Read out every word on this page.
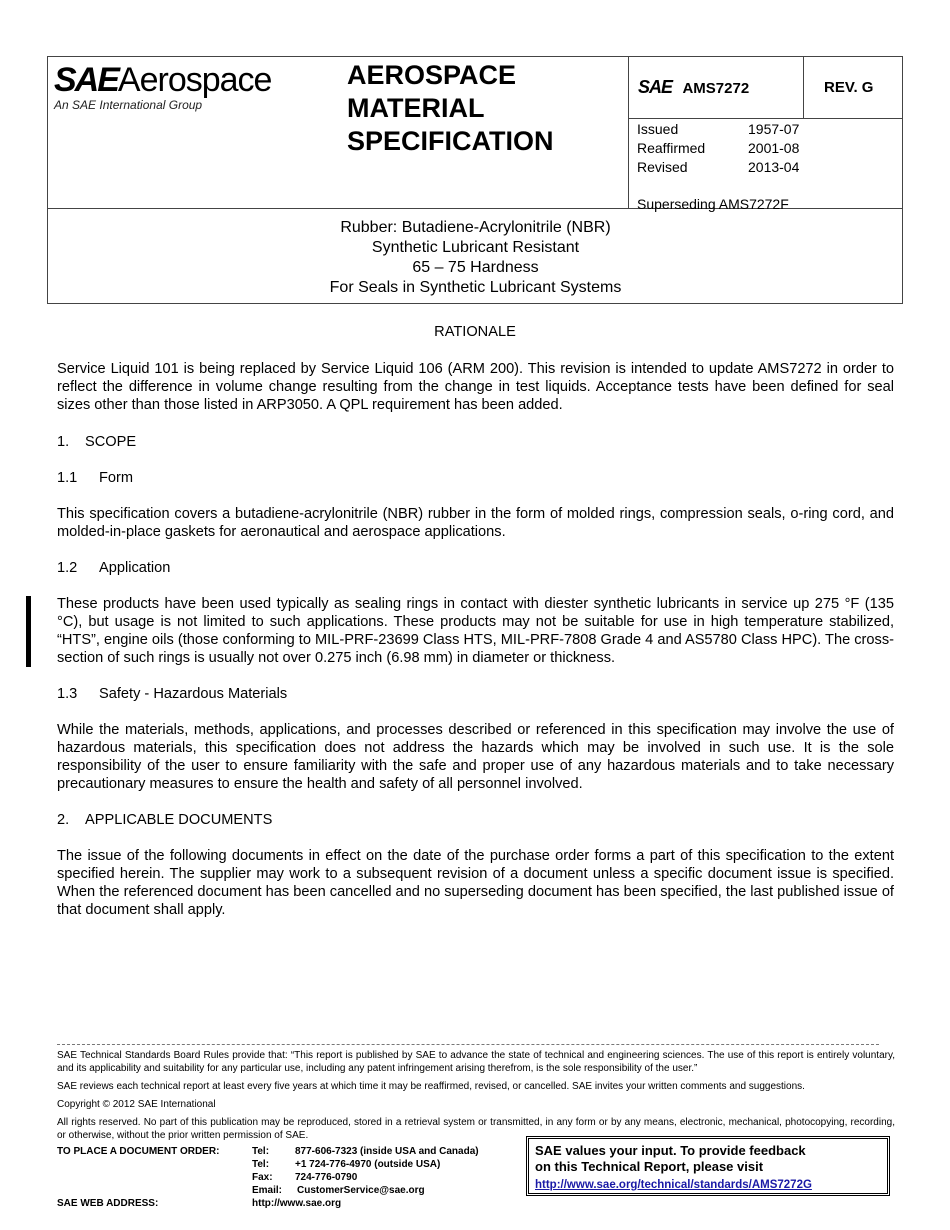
SAEAerospace
An SAE International Group
AEROSPACE
MATERIAL
SPECIFICATION
SAE AMS7272	REV. G
Issued	1957-07
Reaffirmed	2001-08
Revised	2013-04
Superseding AMS7272F
Rubber: Butadiene-Acrylonitrile (NBR)
Synthetic Lubricant Resistant
65 – 75 Hardness
For Seals in Synthetic Lubricant Systems
RATIONALE
Service Liquid 101 is being replaced by Service Liquid 106 (ARM 200). This revision is intended to update AMS7272 in order to reflect the difference in volume change resulting from the change in test liquids. Acceptance tests have been defined for seal sizes other than those listed in ARP3050. A QPL requirement has been added.
1. SCOPE
1.1 Form
This specification covers a butadiene-acrylonitrile (NBR) rubber in the form of molded rings, compression seals, o-ring cord, and molded-in-place gaskets for aeronautical and aerospace applications.
1.2 Application
These products have been used typically as sealing rings in contact with diester synthetic lubricants in service up 275 °F (135 °C), but usage is not limited to such applications. These products may not be suitable for use in high temperature stabilized, “HTS”, engine oils (those conforming to MIL-PRF-23699 Class HTS, MIL-PRF-7808 Grade 4 and AS5780 Class HPC). The cross-section of such rings is usually not over 0.275 inch (6.98 mm) in diameter or thickness.
1.3 Safety - Hazardous Materials
While the materials, methods, applications, and processes described or referenced in this specification may involve the use of hazardous materials, this specification does not address the hazards which may be involved in such use. It is the sole responsibility of the user to ensure familiarity with the safe and proper use of any hazardous materials and to take necessary precautionary measures to ensure the health and safety of all personnel involved.
2. APPLICABLE DOCUMENTS
The issue of the following documents in effect on the date of the purchase order forms a part of this specification to the extent specified herein. The supplier may work to a subsequent revision of a document unless a specific document issue is specified. When the referenced document has been cancelled and no superseding document has been specified, the last published issue of that document shall apply.
SAE Technical Standards Board Rules provide that: “This report is published by SAE to advance the state of technical and engineering sciences. The use of this report is entirely voluntary, and its applicability and suitability for any particular use, including any patent infringement arising therefrom, is the sole responsibility of the user.”
SAE reviews each technical report at least every five years at which time it may be reaffirmed, revised, or cancelled. SAE invites your written comments and suggestions.
Copyright © 2012 SAE International
All rights reserved. No part of this publication may be reproduced, stored in a retrieval system or transmitted, in any form or by any means, electronic, mechanical, photocopying, recording, or otherwise, without the prior written permission of SAE.
TO PLACE A DOCUMENT ORDER:	Tel:	877-606-7323 (inside USA and Canada)
Tel:	+1 724-776-4970 (outside USA)
Fax: 724-776-0790
Email: CustomerService@sae.org
SAE WEB ADDRESS:	http://www.sae.org
SAE values your input. To provide feedback
on this Technical Report, please visit
http://www.sae.org/technical/standards/AMS7272G
